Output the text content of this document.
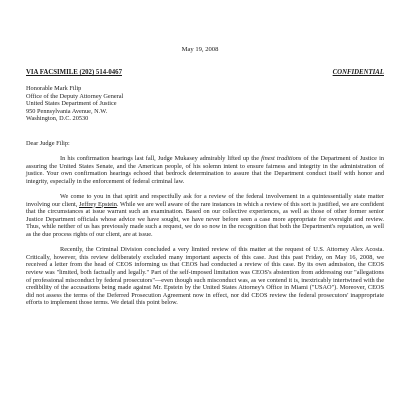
May 19, 2008
VIA FACSIMILE (202) 514-0467	CONFIDENTIAL
Honorable Mark Filip
Office of the Deputy Attorney General
United States Department of Justice
950 Pennsylvania Avenue, N.W.
Washington, D.C. 20530
Dear Judge Filip:

In his confirmation hearings last fall, Judge Mukasey admirably lifted up the finest traditions of the Department of Justice in assuring the United States Senate, and the American people, of his solemn intent to ensure fairness and integrity in the administration of justice. Your own confirmation hearings echoed that bedrock determination to assure that the Department conduct itself with honor and integrity, especially in the enforcement of federal criminal law.

We come to you in that spirit and respectfully ask for a review of the federal involvement in a quintessentially state matter involving our client, Jeffrey Epstein. While we are well aware of the rare instances in which a review of this sort is justified, we are confident that the circumstances at issue warrant such an examination. Based on our collective experiences, as well as those of other former senior Justice Department officials whose advice we have sought, we have never before seen a case more appropriate for oversight and review. Thus, while neither of us has previously made such a request, we do so now in the recognition that both the Department's reputation, as well as the due process rights of our client, are at issue.

Recently, the Criminal Division concluded a very limited review of this matter at the request of U.S. Attorney Alex Acosta. Critically, however, this review deliberately excluded many important aspects of this case. Just this past Friday, on May 16, 2008, we received a letter from the head of CEOS informing us that CEOS had conducted a review of this case. By its own admission, the CEOS review was "limited, both factually and legally." Part of the self-imposed limitation was CEOS's abstention from addressing our "allegations of professional misconduct by federal prosecutors"—even though such misconduct was, as we contend it is, inextricably intertwined with the credibility of the accusations being made against Mr. Epstein by the United States Attorney's Office in Miami ("USAO"). Moreover, CEOS did not assess the terms of the Deferred Prosecution Agreement now in effect, nor did CEOS review the federal prosecutors' inappropriate efforts to implement those terms. We detail this point below.
